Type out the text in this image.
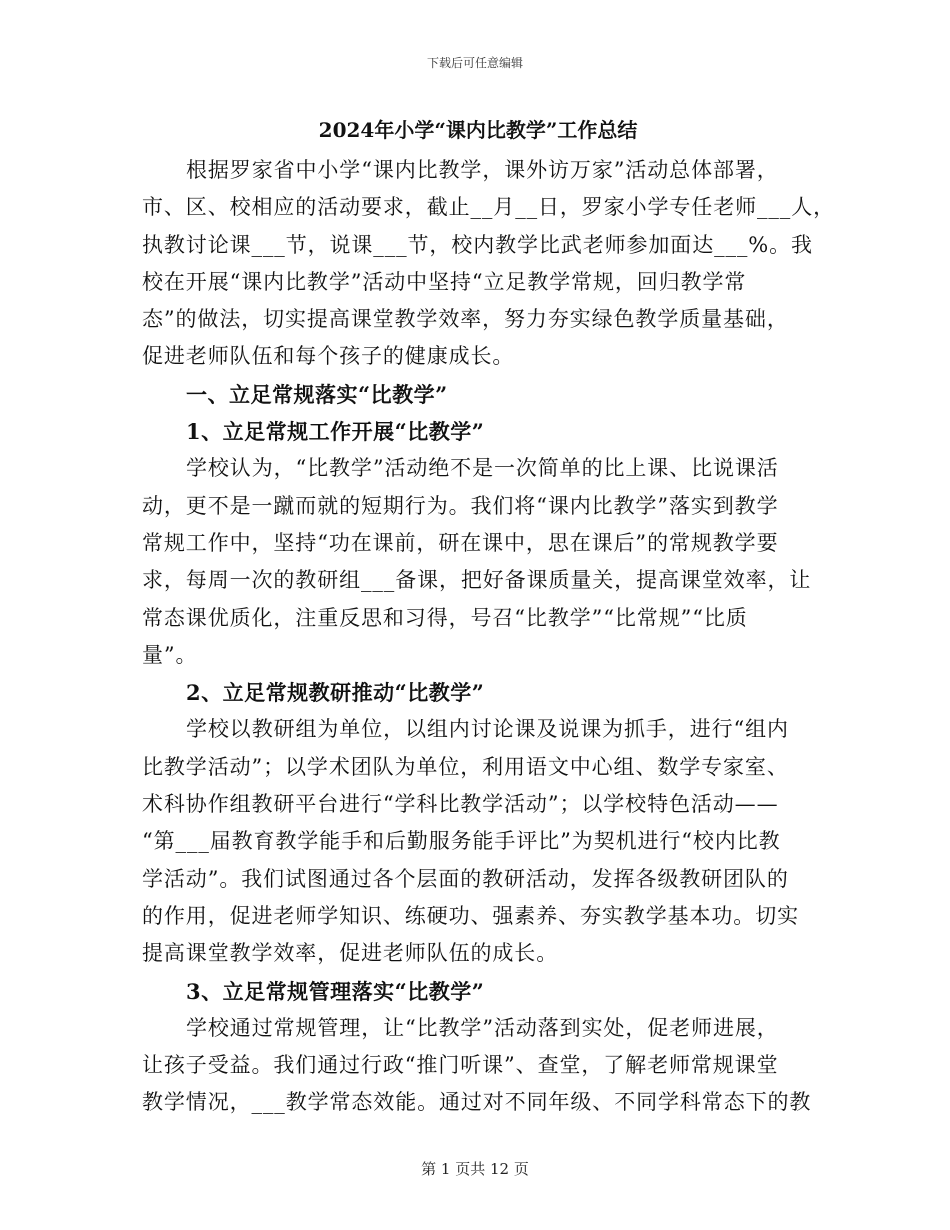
下载后可任意编辑
2024年小学“课内比教学”工作总结
根据罗家省中小学“课内比教学，课外访万家”活动总体部署，
市、区、校相应的活动要求，截止__月__日，罗家小学专任老师___人，
执教讨论课___节，说课___节，校内教学比武老师参加面达___%。我
校在开展“课内比教学”活动中坚持“立足教学常规，回归教学常
态”的做法，切实提高课堂教学效率，努力夯实绿色教学质量基础，
促进老师队伍和每个孩子的健康成长。
一、立足常规落实“比教学”
1、立足常规工作开展“比教学”
学校认为，“比教学”活动绝不是一次简单的比上课、比说课活
动，更不是一蹴而就的短期行为。我们将“课内比教学”落实到教学
常规工作中，坚持“功在课前，研在课中，思在课后”的常规教学要
求，每周一次的教研组___备课，把好备课质量关，提高课堂效率，让
常态课优质化，注重反思和习得，号召“比教学”“比常规”“比质
量”。
2、立足常规教研推动“比教学”
学校以教研组为单位，以组内讨论课及说课为抓手，进行“组内
比教学活动”；以学术团队为单位，利用语文中心组、数学专家室、
术科协作组教研平台进行“学科比教学活动”；以学校特色活动——
“第___届教育教学能手和后勤服务能手评比”为契机进行“校内比教
学活动”。我们试图通过各个层面的教研活动，发挥各级教研团队的
的作用，促进老师学知识、练硬功、强素养、夯实教学基本功。切实
提高课堂教学效率，促进老师队伍的成长。
3、立足常规管理落实“比教学”
学校通过常规管理，让“比教学”活动落到实处，促老师进展，
让孩子受益。我们通过行政“推门听课”、查堂，了解老师常规课堂
教学情况，___教学常态效能。通过对不同年级、不同学科常态下的教
第 1 页共 12 页
